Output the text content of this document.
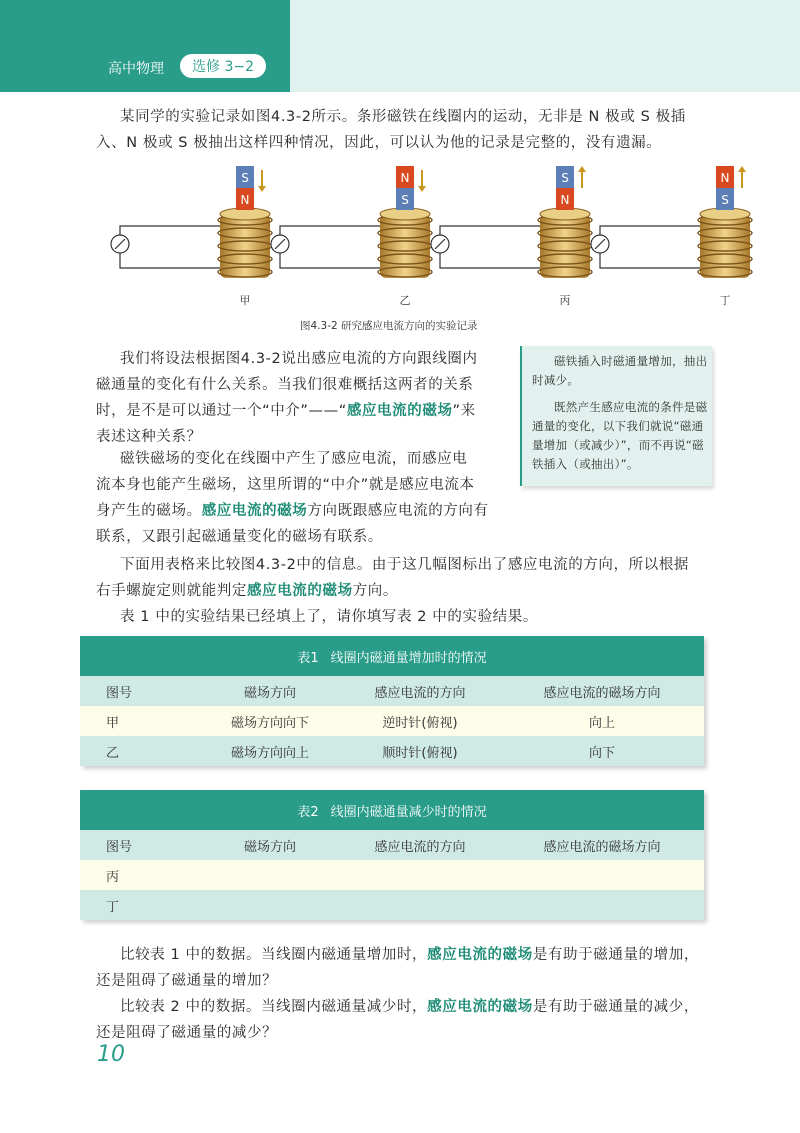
高中物理	选修 3−2

某同学的实验记录如图4.3-2所示。条形磁铁在线圈内的运动，无非是 N 极或 S 极插

入、N 极或 S 极抽出这样四种情况，因此，可以认为他的记录是完整的，没有遗漏。

S
N
甲
N
S
乙
S
N
丙
N
S
丁
图4.3-2 研究感应电流方向的实验记录

我们将设法根据图4.3-2说出感应电流的方向跟线圈内

磁通量的变化有什么关系。当我们很难概括这两者的关系

时，是不是可以通过一个“中介”——“感应电流的磁场”来

表述这种关系？

磁铁磁场的变化在线圈中产生了感应电流，而感应电

流本身也能产生磁场，这里所谓的“中介”就是感应电流本

身产生的磁场。感应电流的磁场方向既跟感应电流的方向有

联系，又跟引起磁通量变化的磁场有联系。

磁铁插入时磁通量增加，抽出时减少。

既然产生感应电流的条件是磁通量的变化，以下我们就说“磁通量增加（或减少）”，而不再说“磁铁插入（或抽出）”。

下面用表格来比较图4.3-2中的信息。由于这几幅图标出了感应电流的方向，所以根据

右手螺旋定则就能判定感应电流的磁场方向。

表 1 中的实验结果已经填上了，请你填写表 2 中的实验结果。

表1 线圈内磁通量增加时的情况
图号	磁场方向	感应电流的方向	感应电流的磁场方向
甲	磁场方向向下	逆时针(俯视)	向上
乙	磁场方向向上	顺时针(俯视)	向下
表2 线圈内磁通量减少时的情况
图号	磁场方向	感应电流的方向	感应电流的磁场方向
丙
丁

比较表 1 中的数据。当线圈内磁通量增加时，感应电流的磁场是有助于磁通量的增加，

还是阻碍了磁通量的增加？

比较表 2 中的数据。当线圈内磁通量减少时，感应电流的磁场是有助于磁通量的减少，

还是阻碍了磁通量的减少？

10
